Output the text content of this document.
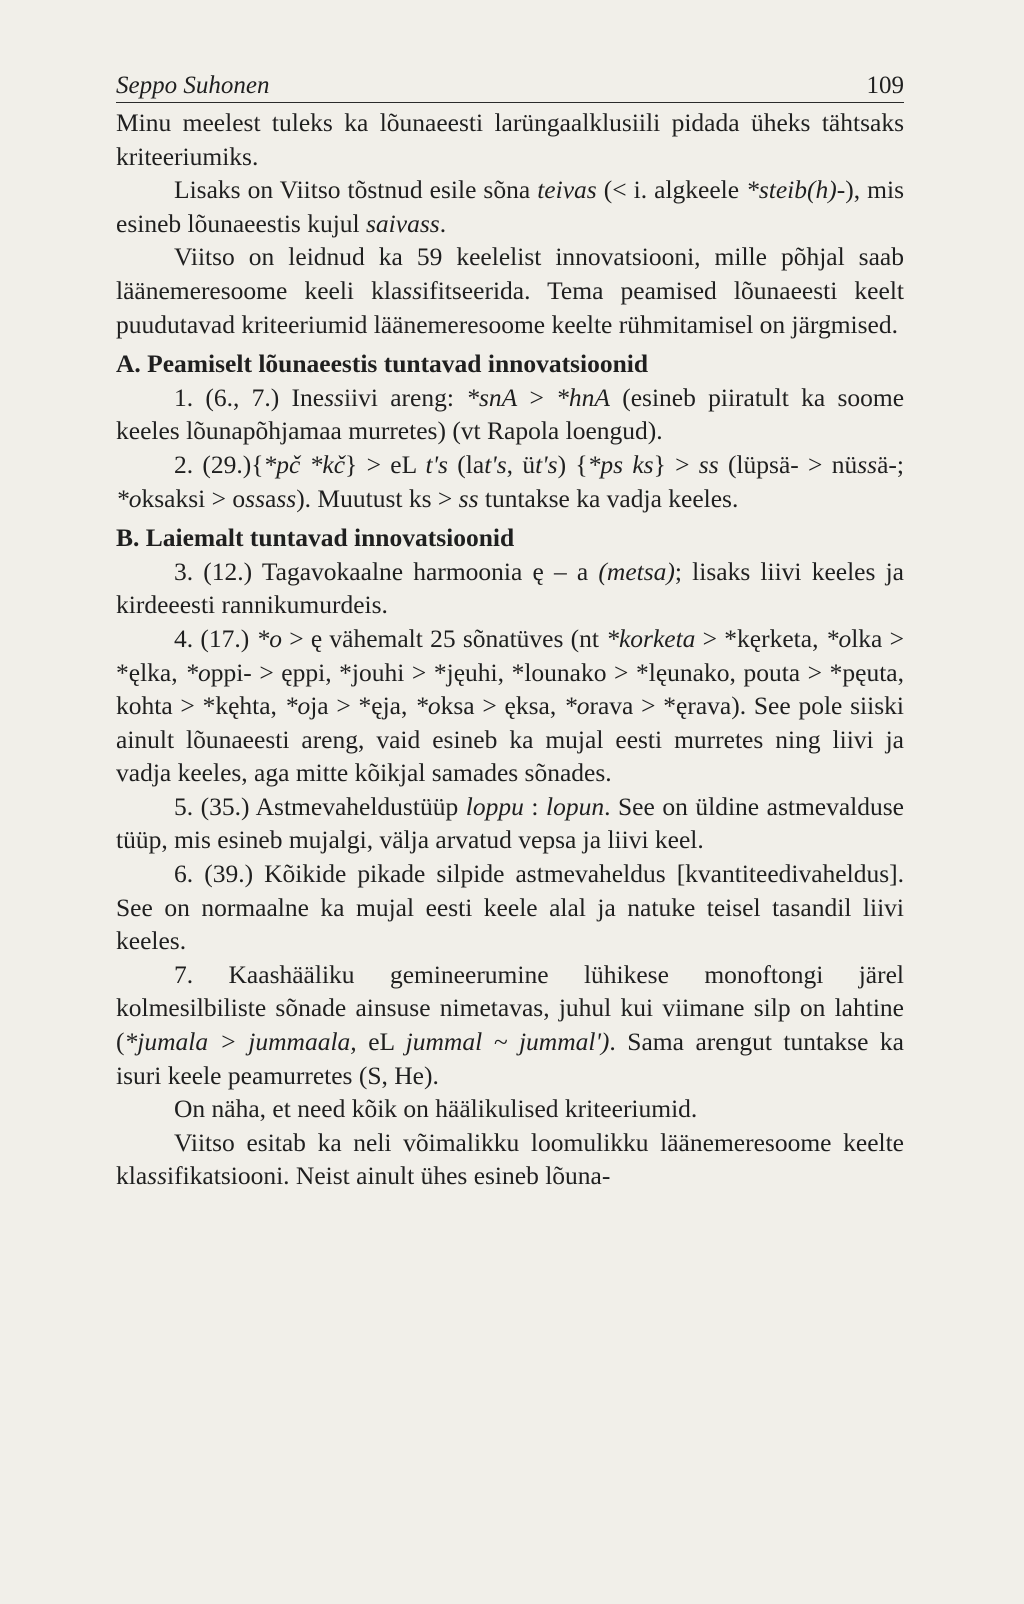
Seppo Suhonen	109

Minu meelest tuleks ka lõunaeesti larüngaalklusiili pidada üheks tähtsaks kriteeriumiks.

Lisaks on Viitso tõstnud esile sõna teivas (< i. algkeele *steib(h)-), mis esineb lõunaeestis kujul saivass.

Viitso on leidnud ka 59 keelelist innovatsiooni, mille põhjal saab läänemeresoome keeli klassifitseerida. Tema peamised lõunaeesti keelt puudutavad kriteeriumid läänemeresoome keelte rühmitamisel on järgmised.

A. Peamiselt lõunaeestis tuntavad innovatsioonid

1. (6., 7.) Inessiivi areng: *snA > *hnA (esineb piiratult ka soome keeles lõunapõhjamaa murretes) (vt Rapola loengud).

2. (29.){*pč *kč} > eL t's (lat's, üt's) {*ps ks} > ss (lüpsä- > nüssä-; *oksaksi > ossass). Muutust ks > ss tuntakse ka vadja keeles.

B. Laiemalt tuntavad innovatsioonid

3. (12.) Tagavokaalne harmoonia ę – a (metsa); lisaks liivi keeles ja kirdeeesti rannikumurdeis.

4. (17.) *o > ę vähemalt 25 sõnatüves (nt *korketa > *kęrketa, *olka > *ęlka, *oppi- > ęppi, *jouhi > *jęuhi, *lounako > *lęunako, pouta > *pęuta, kohta > *kęhta, *oja > *ęja, *oksa > ęksa, *orava > *ęrava). See pole siiski ainult lõunaeesti areng, vaid esineb ka mujal eesti murretes ning liivi ja vadja keeles, aga mitte kõikjal samades sõnades.

5. (35.) Astmevaheldustüüp loppu : lopun. See on üldine astmevalduse tüüp, mis esineb mujalgi, välja arvatud vepsa ja liivi keel.

6. (39.) Kõikide pikade silpide astmevaheldus [kvantiteedivaheldus]. See on normaalne ka mujal eesti keele alal ja natuke teisel tasandil liivi keeles.

7. Kaashääliku gemineerumine lühikese monoftongi järel kolmesilbiliste sõnade ainsuse nimetavas, juhul kui viimane silp on lahtine (*jumala > jummaala, eL jummal ~ jummal'). Sama arengut tuntakse ka isuri keele peamurretes (S, He).

On näha, et need kõik on häälikulised kriteeriumid.

Viitso esitab ka neli võimalikku loomulikku läänemeresoome keelte klassifikatsiooni. Neist ainult ühes esineb lõuna-
